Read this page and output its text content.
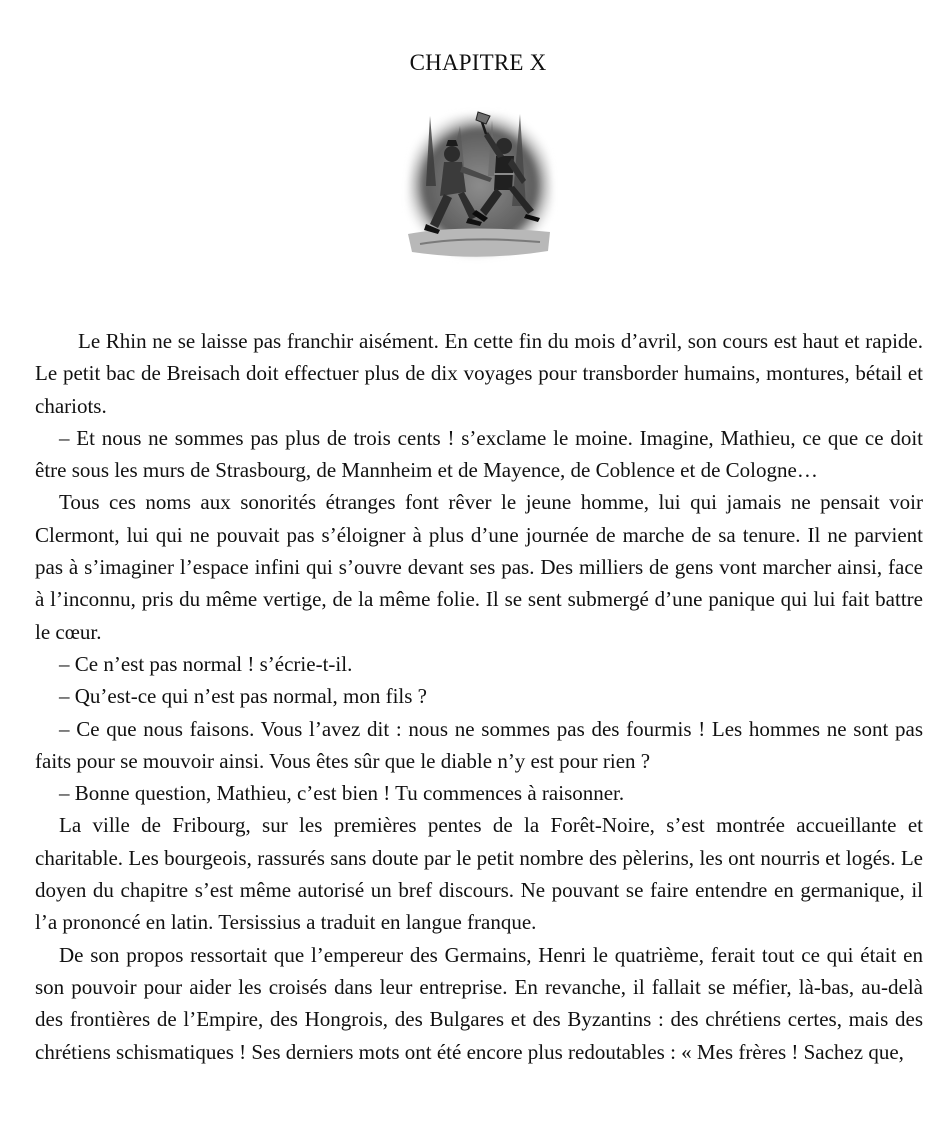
CHAPITRE X

Le Rhin ne se laisse pas franchir aisément. En cette fin du mois d’avril, son cours est haut et rapide. Le petit bac de Breisach doit effectuer plus de dix voyages pour transborder humains, montures, bétail et chariots.

– Et nous ne sommes pas plus de trois cents ! s’exclame le moine. Imagine, Mathieu, ce que ce doit être sous les murs de Strasbourg, de Mannheim et de Mayence, de Coblence et de Cologne…

Tous ces noms aux sonorités étranges font rêver le jeune homme, lui qui jamais ne pensait voir Clermont, lui qui ne pouvait pas s’éloigner à plus d’une journée de marche de sa tenure. Il ne parvient pas à s’imaginer l’espace infini qui s’ouvre devant ses pas. Des milliers de gens vont marcher ainsi, face à l’inconnu, pris du même vertige, de la même folie. Il se sent submergé d’une panique qui lui fait battre le cœur.

– Ce n’est pas normal ! s’écrie-t-il.

– Qu’est-ce qui n’est pas normal, mon fils ?

– Ce que nous faisons. Vous l’avez dit : nous ne sommes pas des fourmis ! Les hommes ne sont pas faits pour se mouvoir ainsi. Vous êtes sûr que le diable n’y est pour rien ?

– Bonne question, Mathieu, c’est bien ! Tu commences à raisonner.

La ville de Fribourg, sur les premières pentes de la Forêt-Noire, s’est montrée accueillante et charitable. Les bourgeois, rassurés sans doute par le petit nombre des pèlerins, les ont nourris et logés. Le doyen du chapitre s’est même autorisé un bref discours. Ne pouvant se faire entendre en germanique, il l’a prononcé en latin. Tersissius a traduit en langue franque.

De son propos ressortait que l’empereur des Germains, Henri le quatrième, ferait tout ce qui était en son pouvoir pour aider les croisés dans leur entreprise. En revanche, il fallait se méfier, là-bas, au-delà des frontières de l’Empire, des Hongrois, des Bulgares et des Byzantins : des chrétiens certes, mais des chrétiens schismatiques ! Ses derniers mots ont été encore plus redoutables : « Mes frères ! Sachez que,
